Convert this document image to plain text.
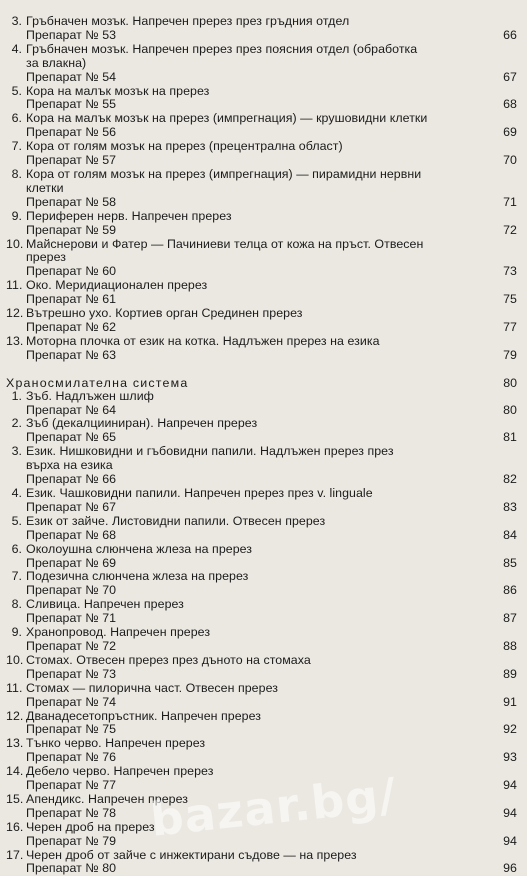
3. Гръбначен мозък. Напречен пререз през гръдния отдел
Препарат № 53	66
4. Гръбначен мозък. Напречен пререз през поясния отдел (обработка
за влакна)
Препарат № 54	67
5. Кора на малък мозък на пререз
Препарат № 55	68
6. Кора на малък мозък на пререз (импрегнация) — крушовидни клетки
Препарат № 56	69
7. Кора от голям мозък на пререз (прецентрална област)
Препарат № 57	70
8. Кора от голям мозък на пререз (импрегнация) — пирамидни нервни
клетки
Препарат № 58	71
9. Периферен нерв. Напречен пререз
Препарат № 59	72
10. Майснерови и Фатер — Пачиниеви телца от кожа на пръст. Отвесен
пререз
Препарат № 60	73
11. Око. Меридиационален пререз
Препарат № 61	75
12. Вътрешно ухо. Кортиев орган Срединен пререз
Препарат № 62	77
13. Моторна плочка от език на котка. Надлъжен пререз на езика
Препарат № 63	79
Храносмилателна система	80
1. Зъб. Надлъжен шлиф
Препарат № 64	80
2. Зъб (декалцииниран). Напречен пререз
Препарат № 65	81
3. Език. Нишковидни и гъбовидни папили. Надлъжен пререз през
върха на езика
Препарат № 66	82
4. Език. Чашковидни папили. Напречен пререз през v. linguale
Препарат № 67	83
5. Език от зайче. Листовидни папили. Отвесен пререз
Препарат № 68	84
6. Околоушна слюнчена жлеза на пререз
Препарат № 69	85
7. Подезична слюнчена жлеза на пререз
Препарат № 70	86
8. Сливица. Напречен пререз
Препарат № 71	87
9. Хранопровод. Напречен пререз
Препарат № 72	88
10. Стомах. Отвесен пререз през дъното на стомаха
Препарат № 73	89
11. Стомах — пилорична част. Отвесен пререз
Препарат № 74	91
12. Дванадесетопръстник. Напречен пререз
Препарат № 75	92
13. Тънко черво. Напречен пререз
Препарат № 76	93
14. Дебело черво. Напречен пререз
Препарат № 77	94
15. Апендикс. Напречен пререз
Препарат № 78	94
16. Черен дроб на пререз
Препарат № 79	94
17. Черен дроб от зайче с инжектирани съдове — на пререз
Препарат № 80	96
bazar.bg/
